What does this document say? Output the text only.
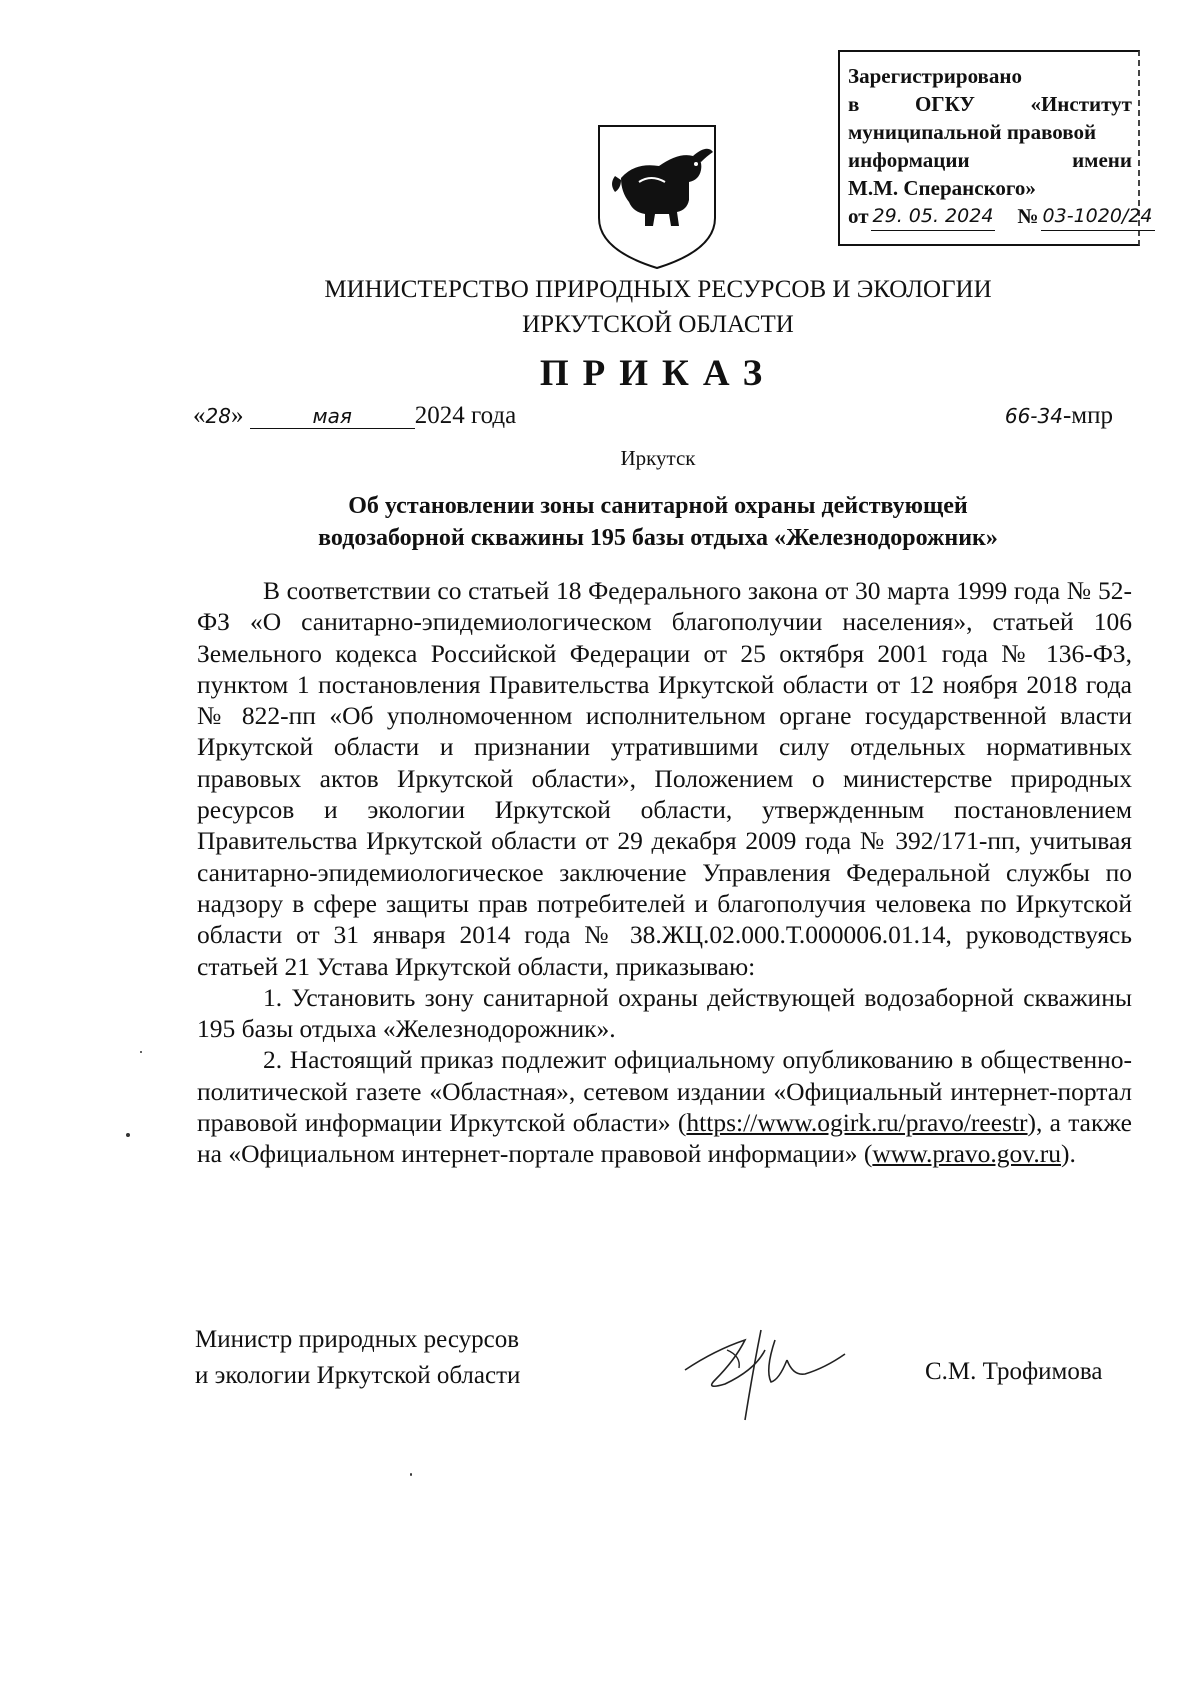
Зарегистрировано
в	ОГКУ	«Институт
муниципальной правовой
информации	имени
М.М. Сперанского»
от 29. 05. 2024 № 03-1020/24
МИНИСТЕРСТВО ПРИРОДНЫХ РЕСУРСОВ И ЭКОЛОГИИ
ИРКУТСКОЙ ОБЛАСТИ
ПРИКАЗ
«28»	мая	2024 года	66-34-мпр
Иркутск
Об установлении зоны санитарной охраны действующей
водозаборной скважины 195 базы отдыха «Железнодорожник»

В соответствии со статьей 18 Федерального закона от 30 марта 1999 года № 52-ФЗ «О санитарно-эпидемиологическом благополучии населения», статьей 106 Земельного кодекса Российской Федерации от 25 октября 2001 года № 136-ФЗ, пунктом 1 постановления Правительства Иркутской области от 12 ноября 2018 года № 822-пп «Об уполномоченном исполнительном органе государственной власти Иркутской области и признании утратившими силу отдельных нормативных правовых актов Иркутской области», Положением о министерстве природных ресурсов и экологии Иркутской области, утвержденным постановлением Правительства Иркутской области от 29 декабря 2009 года № 392/171-пп, учитывая санитарно-эпидемиологическое заключение Управления Федеральной службы по надзору в сфере защиты прав потребителей и благополучия человека по Иркутской области от 31 января 2014 года № 38.ЖЦ.02.000.Т.000006.01.14, руководствуясь статьей 21 Устава Иркутской области, приказываю:

1. Установить зону санитарной охраны действующей водозаборной скважины 195 базы отдыха «Железнодорожник».

2. Настоящий приказ подлежит официальному опубликованию в общественно-политической газете «Областная», сетевом издании «Официальный интернет-портал правовой информации Иркутской области» (https://www.ogirk.ru/pravo/reestr), а также на «Официальном интернет-портале правовой информации» (www.pravo.gov.ru).

Министр природных ресурсов
и экологии Иркутской области	С.М. Трофимова
